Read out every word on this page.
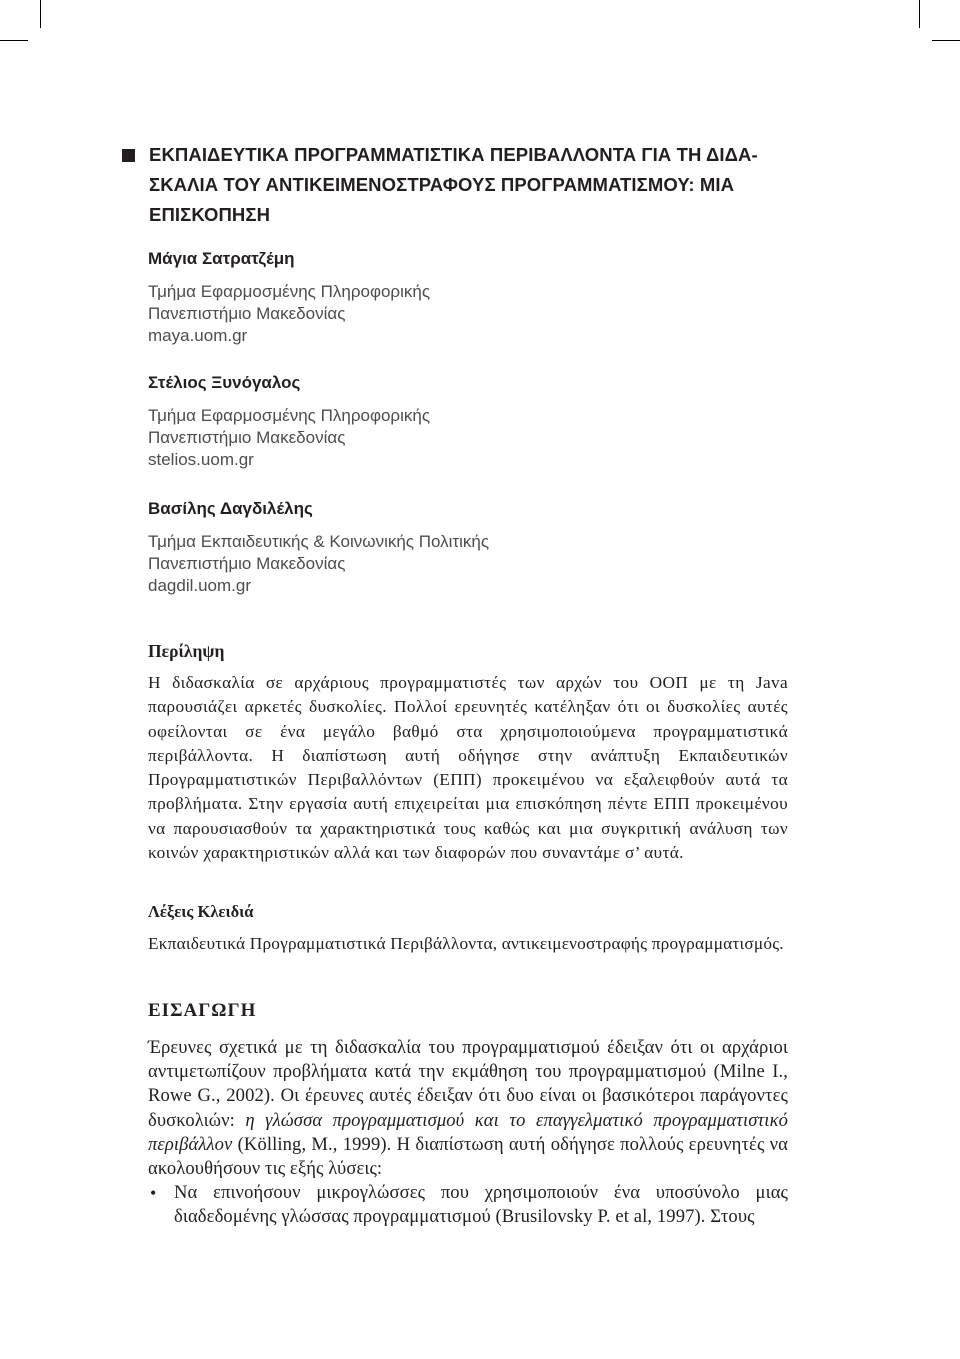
ΕΚΠΑΙΔΕΥΤΙΚΑ ΠΡΟΓΡΑΜΜΑΤΙΣΤΙΚΑ ΠΕΡΙΒΑΛΛΟΝΤΑ ΓΙΑ ΤΗ ΔΙΔΑ-ΣΚΑΛΙΑ ΤΟΥ ΑΝΤΙΚΕΙΜΕΝΟΣΤΡΑΦΟΥΣ ΠΡΟΓΡΑΜΜΑΤΙΣΜΟΥ: ΜΙΑ ΕΠΙΣΚΟΠΗΣΗ
Μάγια Σατρατζέμη
Τμήμα Εφαρμοσμένης Πληροφορικής
Πανεπιστήμιο Μακεδονίας
maya.uom.gr
Στέλιος Ξυνόγαλος
Τμήμα Εφαρμοσμένης Πληροφορικής
Πανεπιστήμιο Μακεδονίας
stelios.uom.gr
Βασίλης Δαγδιλέλης
Τμήμα Εκπαιδευτικής & Κοινωνικής Πολιτικής
Πανεπιστήμιο Μακεδονίας
dagdil.uom.gr
Περίληψη

Η διδασκαλία σε αρχάριους προγραμματιστές των αρχών του ΟΟΠ με τη Java παρουσιάζει αρκετές δυσκολίες. Πολλοί ερευνητές κατέληξαν ότι οι δυσκολίες αυτές οφείλονται σε ένα μεγάλο βαθμό στα χρησιμοποιούμενα προγραμματιστικά περιβάλλοντα. Η διαπίστωση αυτή οδήγησε στην ανάπτυξη Εκπαιδευτικών Προγραμματιστικών Περιβαλλόντων (ΕΠΠ) προκειμένου να εξαλειφθούν αυτά τα προβλήματα. Στην εργασία αυτή επιχειρείται μια επισκόπηση πέντε ΕΠΠ προκειμένου να παρουσιασθούν τα χαρακτηριστικά τους καθώς και μια συγκριτική ανάλυση των κοινών χαρακτηριστικών αλλά και των διαφορών που συναντάμε σ’ αυτά.

Λέξεις Κλειδιά

Εκπαιδευτικά Προγραμματιστικά Περιβάλλοντα, αντικειμενοστραφής προγραμματισμός.

ΕΙΣΑΓΩΓΗ

Έρευνες σχετικά με τη διδασκαλία του προγραμματισμού έδειξαν ότι οι αρχάριοι αντιμετωπίζουν προβλήματα κατά την εκμάθηση του προγραμματισμού (Milne I., Rowe G., 2002). Οι έρευνες αυτές έδειξαν ότι δυο είναι οι βασικότεροι παράγοντες δυσκολιών: η γλώσσα προγραμματισμού και το επαγγελματικό προγραμματιστικό περιβάλλον (Kölling, M., 1999). Η διαπίστωση αυτή οδήγησε πολλούς ερευνητές να ακολουθήσουν τις εξής λύσεις:

• Να επινοήσουν μικρογλώσσες που χρησιμοποιούν ένα υποσύνολο μιας διαδεδομένης γλώσσας προγραμματισμού (Brusilovsky P. et al, 1997). Στους
